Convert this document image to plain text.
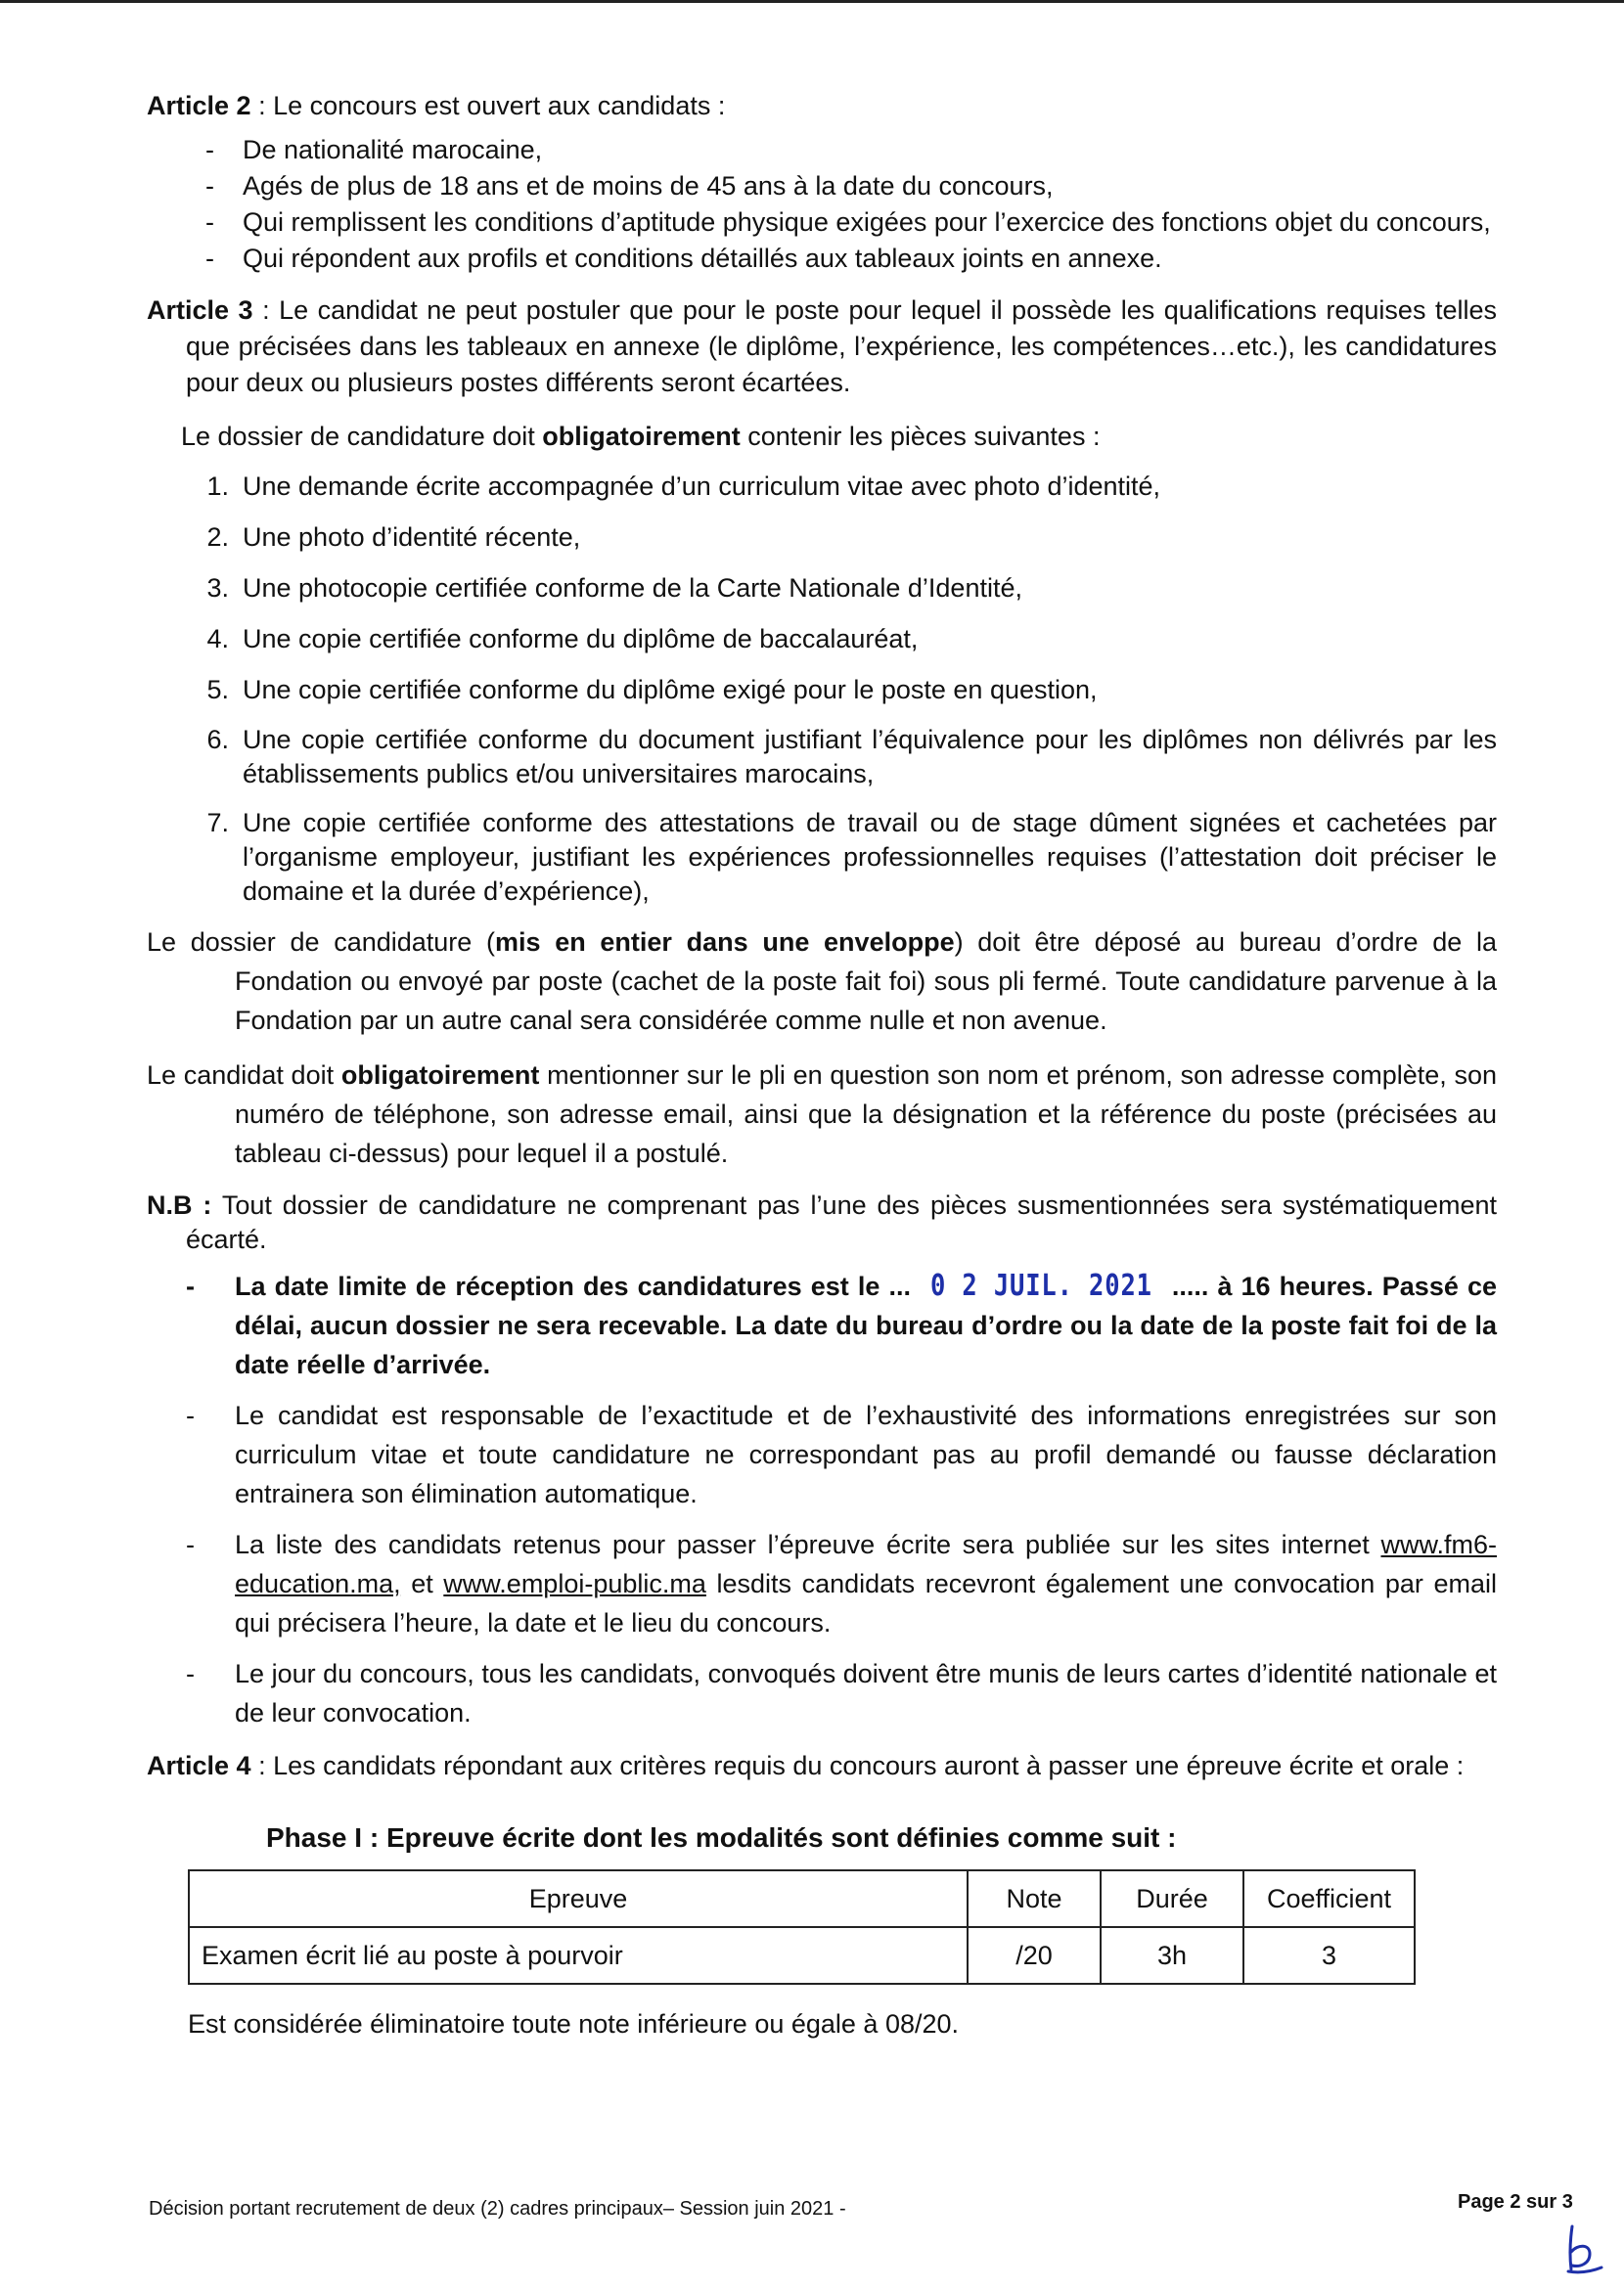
Article 2 : Le concours est ouvert aux candidats :
- De nationalité marocaine,
- Agés de plus de 18 ans et de moins de 45 ans à la date du concours,
- Qui remplissent les conditions d’aptitude physique exigées pour l’exercice des fonctions objet du concours,
- Qui répondent aux profils et conditions détaillés aux tableaux joints en annexe.
Article 3 : Le candidat ne peut postuler que pour le poste pour lequel il possède les qualifications requises telles que précisées dans les tableaux en annexe (le diplôme, l’expérience, les compétences…etc.), les candidatures pour deux ou plusieurs postes différents seront écartées.
Le dossier de candidature doit obligatoirement contenir les pièces suivantes :
1. Une demande écrite accompagnée d’un curriculum vitae avec photo d’identité,
2. Une photo d’identité récente,
3. Une photocopie certifiée conforme de la Carte Nationale d’Identité,
4. Une copie certifiée conforme du diplôme de baccalauréat,
5. Une copie certifiée conforme du diplôme exigé pour le poste en question,
6. Une copie certifiée conforme du document justifiant l’équivalence pour les diplômes non délivrés par les établissements publics et/ou universitaires marocains,
7. Une copie certifiée conforme des attestations de travail ou de stage dûment signées et cachetées par l’organisme employeur, justifiant les expériences professionnelles requises (l’attestation doit préciser le domaine et la durée d’expérience),
Le dossier de candidature (mis en entier dans une enveloppe) doit être déposé au bureau d’ordre de la Fondation ou envoyé par poste (cachet de la poste fait foi) sous pli fermé. Toute candidature parvenue à la Fondation par un autre canal sera considérée comme nulle et non avenue.
Le candidat doit obligatoirement mentionner sur le pli en question son nom et prénom, son adresse complète, son numéro de téléphone, son adresse email, ainsi que la désignation et la référence du poste (précisées au tableau ci-dessus) pour lequel il a postulé.
N.B : Tout dossier de candidature ne comprenant pas l’une des pièces susmentionnées sera systématiquement écarté.
- La date limite de réception des candidatures est le ... 0 2 JUIL. 2021 ..... à 16 heures. Passé ce délai, aucun dossier ne sera recevable. La date du bureau d’ordre ou la date de la poste fait foi de la date réelle d’arrivée.
- Le candidat est responsable de l’exactitude et de l’exhaustivité des informations enregistrées sur son curriculum vitae et toute candidature ne correspondant pas au profil demandé ou fausse déclaration entrainera son élimination automatique.
- La liste des candidats retenus pour passer l’épreuve écrite sera publiée sur les sites internet www.fm6-education.ma, et www.emploi-public.ma lesdits candidats recevront également une convocation par email qui précisera l’heure, la date et le lieu du concours.
- Le jour du concours, tous les candidats, convoqués doivent être munis de leurs cartes d’identité nationale et de leur convocation.
Article 4 : Les candidats répondant aux critères requis du concours auront à passer une épreuve écrite et orale :
Phase I : Epreuve écrite dont les modalités sont définies comme suit :
Epreuve	Note	Durée	Coefficient
Examen écrit lié au poste à pourvoir	/20	3h	3
Est considérée éliminatoire toute note inférieure ou égale à 08/20.
Décision portant recrutement de deux (2) cadres principaux– Session juin 2021 -	Page 2 sur 3
